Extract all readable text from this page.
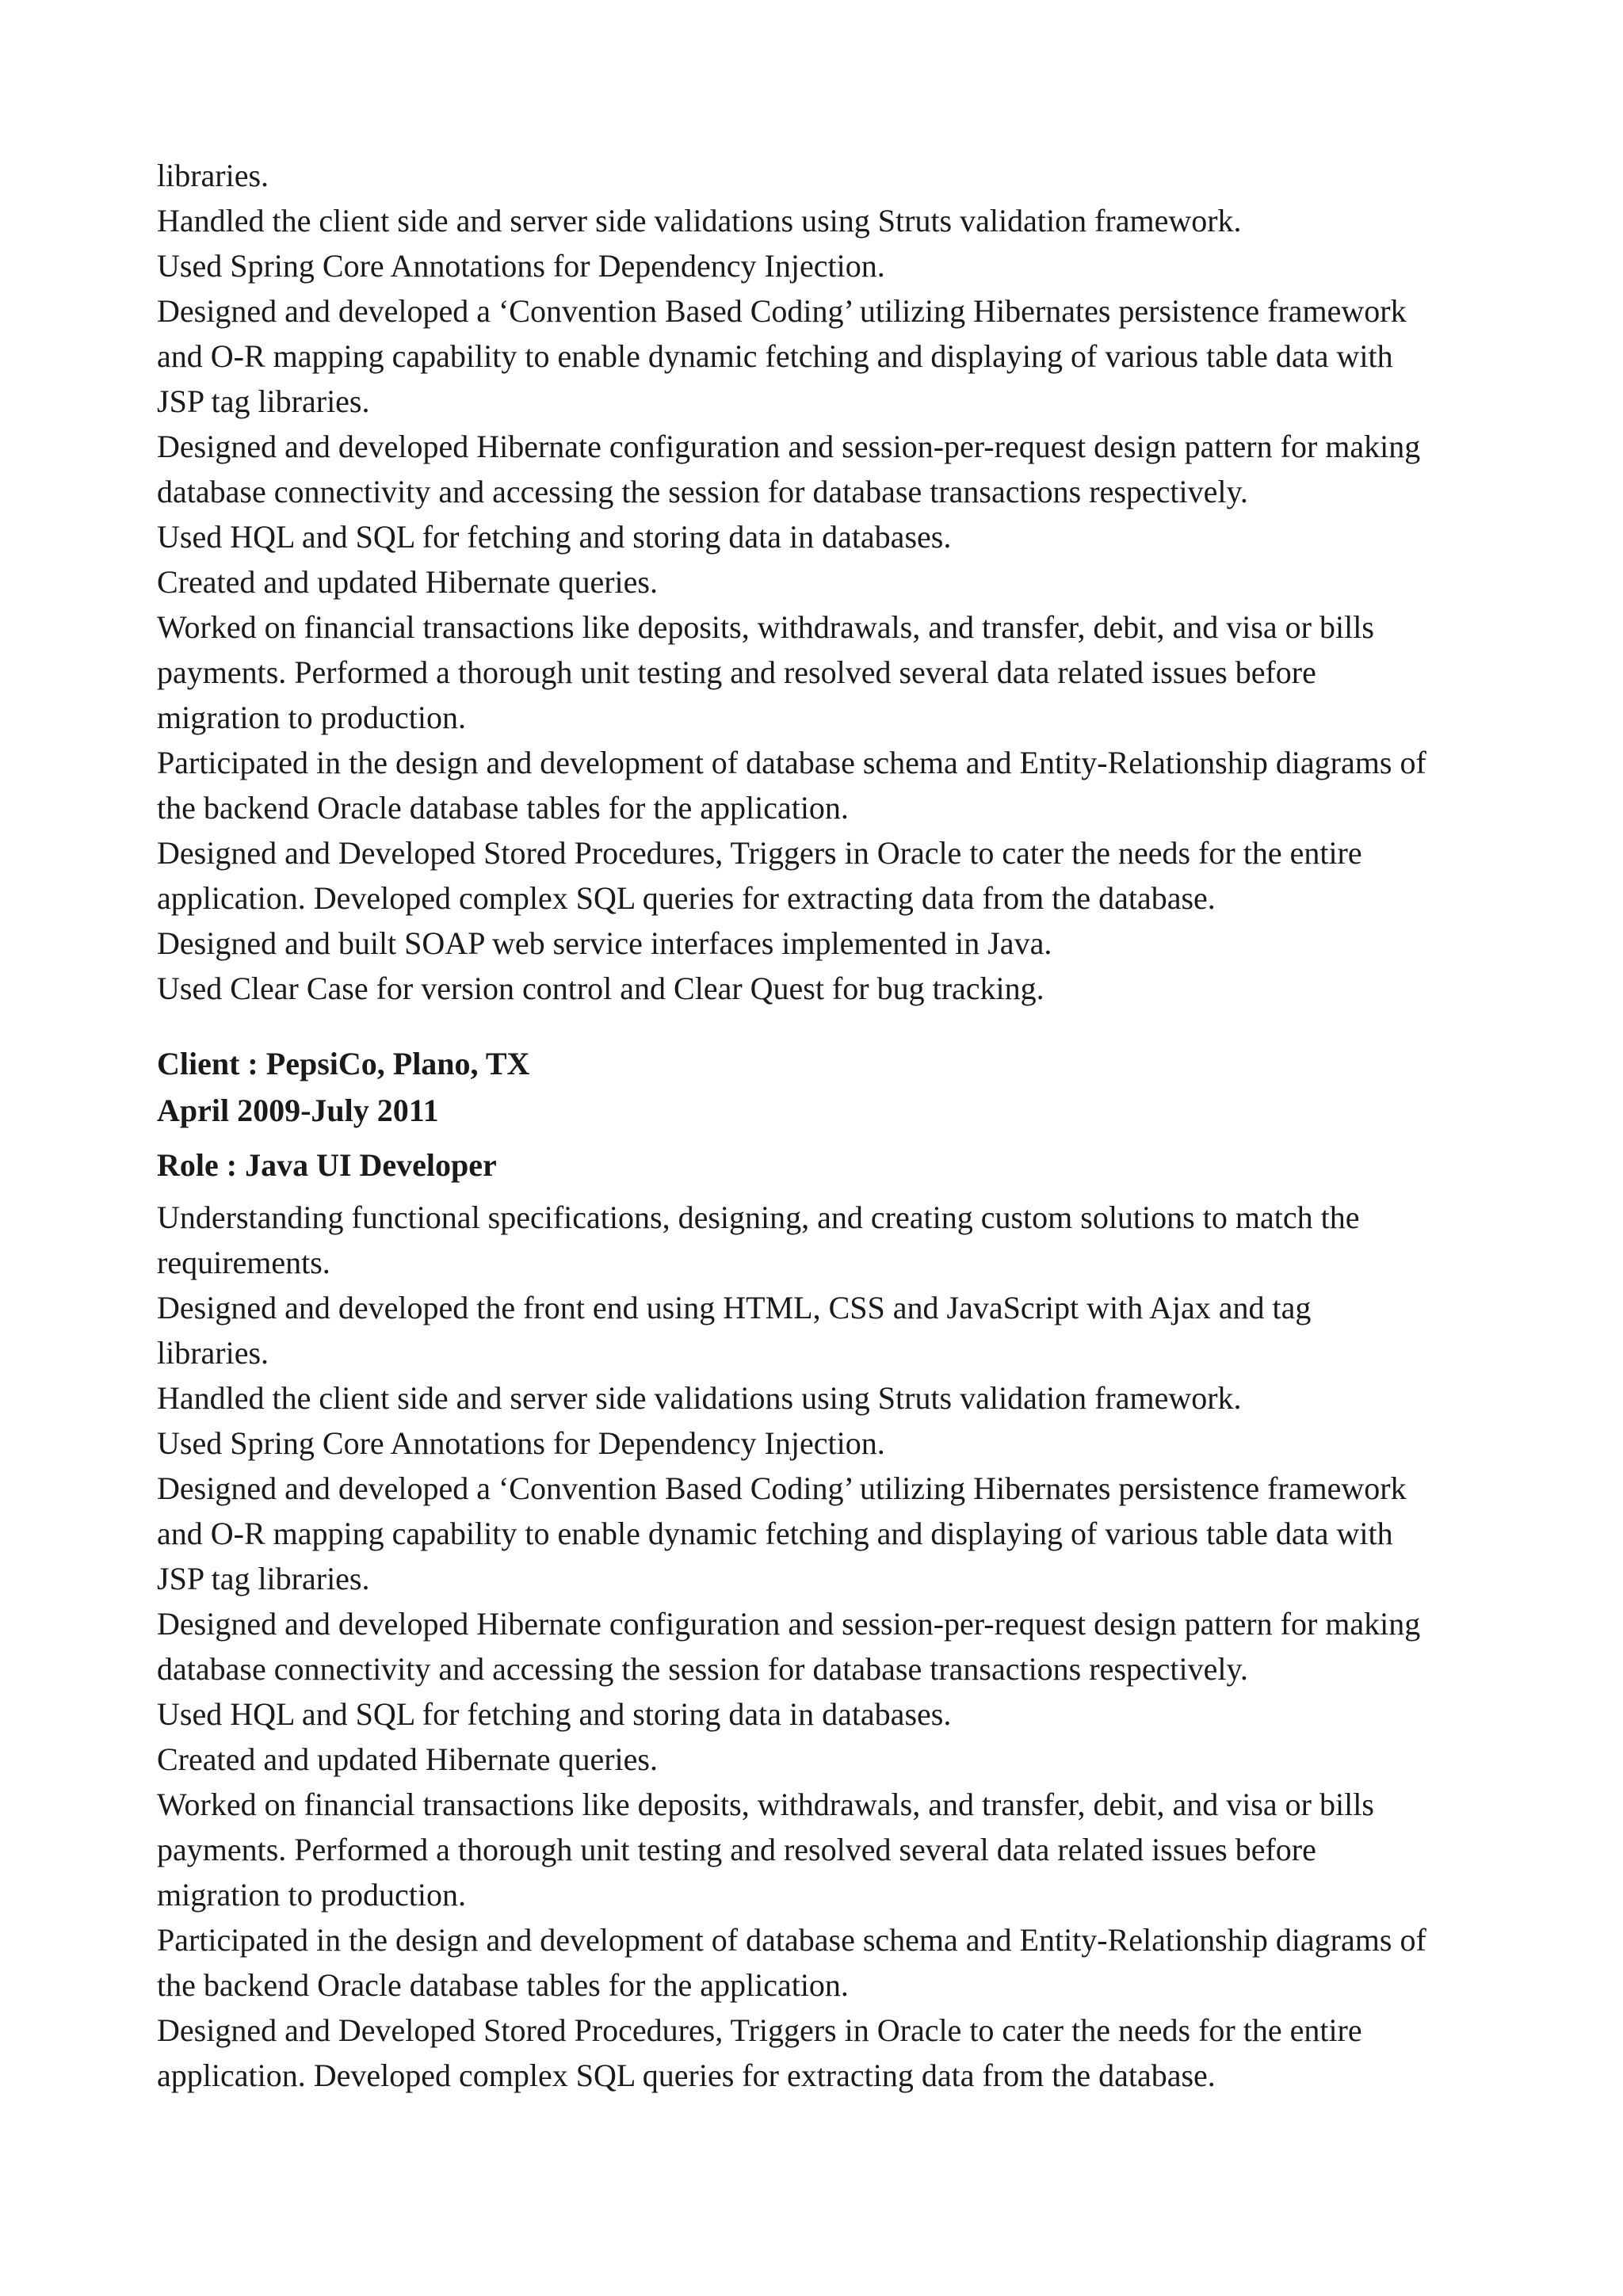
libraries.

Handled the client side and server side validations using Struts validation framework.

Used Spring Core Annotations for Dependency Injection.

Designed and developed a ‘Convention Based Coding’ utilizing Hibernates persistence framework

and O-R mapping capability to enable dynamic fetching and displaying of various table data with

JSP tag libraries.

Designed and developed Hibernate configuration and session-per-request design pattern for making

database connectivity and accessing the session for database transactions respectively.

Used HQL and SQL for fetching and storing data in databases.

Created and updated Hibernate queries.

Worked on financial transactions like deposits, withdrawals, and transfer, debit, and visa or bills

payments. Performed a thorough unit testing and resolved several data related issues before

migration to production.

Participated in the design and development of database schema and Entity-Relationship diagrams of

the backend Oracle database tables for the application.

Designed and Developed Stored Procedures, Triggers in Oracle to cater the needs for the entire

application. Developed complex SQL queries for extracting data from the database.

Designed and built SOAP web service interfaces implemented in Java.

Used Clear Case for version control and Clear Quest for bug tracking.

Client : PepsiCo, Plano, TX

April 2009-July 2011

Role : Java UI Developer

Understanding functional specifications, designing, and creating custom solutions to match the

requirements.

Designed and developed the front end using HTML, CSS and JavaScript with Ajax and tag

libraries.

Handled the client side and server side validations using Struts validation framework.

Used Spring Core Annotations for Dependency Injection.

Designed and developed a ‘Convention Based Coding’ utilizing Hibernates persistence framework

and O-R mapping capability to enable dynamic fetching and displaying of various table data with

JSP tag libraries.

Designed and developed Hibernate configuration and session-per-request design pattern for making

database connectivity and accessing the session for database transactions respectively.

Used HQL and SQL for fetching and storing data in databases.

Created and updated Hibernate queries.

Worked on financial transactions like deposits, withdrawals, and transfer, debit, and visa or bills

payments. Performed a thorough unit testing and resolved several data related issues before

migration to production.

Participated in the design and development of database schema and Entity-Relationship diagrams of

the backend Oracle database tables for the application.

Designed and Developed Stored Procedures, Triggers in Oracle to cater the needs for the entire

application. Developed complex SQL queries for extracting data from the database.
